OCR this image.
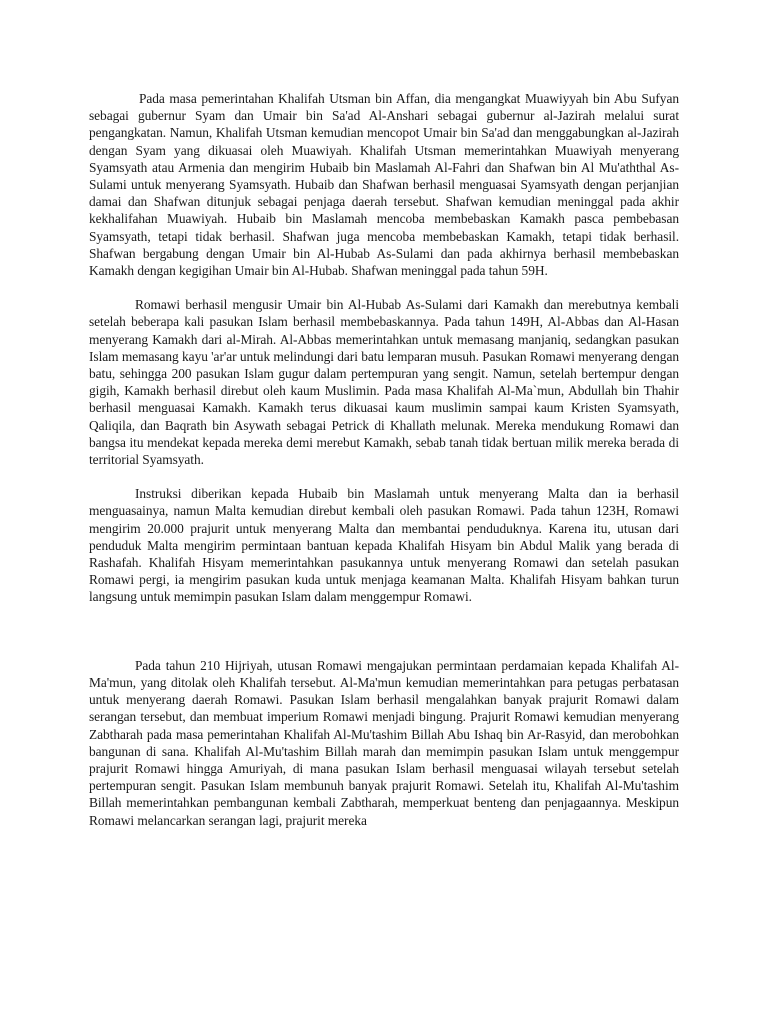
Pada masa pemerintahan Khalifah Utsman bin Affan, dia mengangkat Muawiyyah bin Abu Sufyan sebagai gubernur Syam dan Umair bin Sa'ad Al-Anshari sebagai gubernur al-Jazirah melalui surat pengangkatan. Namun, Khalifah Utsman kemudian mencopot Umair bin Sa'ad dan menggabungkan al-Jazirah dengan Syam yang dikuasai oleh Muawiyah. Khalifah Utsman memerintahkan Muawiyah menyerang Syamsyath atau Armenia dan mengirim Hubaib bin Maslamah Al-Fahri dan Shafwan bin Al Mu'aththal As-Sulami untuk menyerang Syamsyath. Hubaib dan Shafwan berhasil menguasai Syamsyath dengan perjanjian damai dan Shafwan ditunjuk sebagai penjaga daerah tersebut. Shafwan kemudian meninggal pada akhir kekhalifahan Muawiyah. Hubaib bin Maslamah mencoba membebaskan Kamakh pasca pembebasan Syamsyath, tetapi tidak berhasil. Shafwan juga mencoba membebaskan Kamakh, tetapi tidak berhasil. Shafwan bergabung dengan Umair bin Al-Hubab As-Sulami dan pada akhirnya berhasil membebaskan Kamakh dengan kegigihan Umair bin Al-Hubab. Shafwan meninggal pada tahun 59H.

Romawi berhasil mengusir Umair bin Al-Hubab As-Sulami dari Kamakh dan merebutnya kembali setelah beberapa kali pasukan Islam berhasil membebaskannya. Pada tahun 149H, Al-Abbas dan Al-Hasan menyerang Kamakh dari al-Mirah. Al-Abbas memerintahkan untuk memasang manjaniq, sedangkan pasukan Islam memasang kayu 'ar'ar untuk melindungi dari batu lemparan musuh. Pasukan Romawi menyerang dengan batu, sehingga 200 pasukan Islam gugur dalam pertempuran yang sengit. Namun, setelah bertempur dengan gigih, Kamakh berhasil direbut oleh kaum Muslimin. Pada masa Khalifah Al-Ma`mun, Abdullah bin Thahir berhasil menguasai Kamakh. Kamakh terus dikuasai kaum muslimin sampai kaum Kristen Syamsyath, Qaliqila, dan Baqrath bin Asywath sebagai Petrick di Khallath melunak. Mereka mendukung Romawi dan bangsa itu mendekat kepada mereka demi merebut Kamakh, sebab tanah tidak bertuan milik mereka berada di territorial Syamsyath.

Instruksi diberikan kepada Hubaib bin Maslamah untuk menyerang Malta dan ia berhasil menguasainya, namun Malta kemudian direbut kembali oleh pasukan Romawi. Pada tahun 123H, Romawi mengirim 20.000 prajurit untuk menyerang Malta dan membantai penduduknya. Karena itu, utusan dari penduduk Malta mengirim permintaan bantuan kepada Khalifah Hisyam bin Abdul Malik yang berada di Rashafah. Khalifah Hisyam memerintahkan pasukannya untuk menyerang Romawi dan setelah pasukan Romawi pergi, ia mengirim pasukan kuda untuk menjaga keamanan Malta. Khalifah Hisyam bahkan turun langsung untuk memimpin pasukan Islam dalam menggempur Romawi.

Pada tahun 210 Hijriyah, utusan Romawi mengajukan permintaan perdamaian kepada Khalifah Al-Ma'mun, yang ditolak oleh Khalifah tersebut. Al-Ma'mun kemudian memerintahkan para petugas perbatasan untuk menyerang daerah Romawi. Pasukan Islam berhasil mengalahkan banyak prajurit Romawi dalam serangan tersebut, dan membuat imperium Romawi menjadi bingung. Prajurit Romawi kemudian menyerang Zabtharah pada masa pemerintahan Khalifah Al-Mu'tashim Billah Abu Ishaq bin Ar-Rasyid, dan merobohkan bangunan di sana. Khalifah Al-Mu'tashim Billah marah dan memimpin pasukan Islam untuk menggempur prajurit Romawi hingga Amuriyah, di mana pasukan Islam berhasil menguasai wilayah tersebut setelah pertempuran sengit. Pasukan Islam membunuh banyak prajurit Romawi. Setelah itu, Khalifah Al-Mu'tashim Billah memerintahkan pembangunan kembali Zabtharah, memperkuat benteng dan penjagaannya. Meskipun Romawi melancarkan serangan lagi, prajurit mereka
